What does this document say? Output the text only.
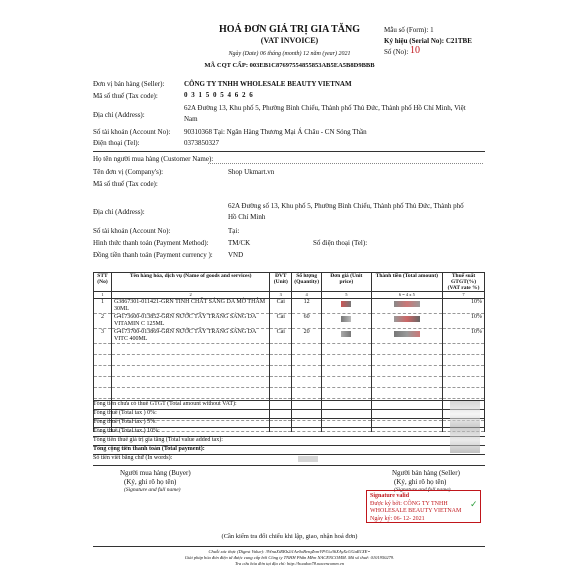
HOÁ ĐƠN GIÁ TRỊ GIA TĂNG
(VAT INVOICE)
Ngày (Date) 06 tháng (month) 12 năm (year) 2021
MÃ CQT CẤP: 003EB1C87697554855853AB5EA5B8D9BBB
Mẫu số (Form): 1
Ký hiệu (Serial No): C21TBE
Số (No): 10
Đơn vị bán hàng (Seller):	CÔNG TY TNHH WHOLESALE BEAUTY VIETNAM
Mã số thuế (Tax code):	0 3 1 5 0 5 4 6 2 6
Địa chỉ (Address):
62A Đường 13, Khu phố 5, Phường Bình Chiểu, Thành phố Thủ Đức, Thành phố Hồ Chí Minh, Việt
Nam
Số tài khoản (Account No): 90310368 Tại: Ngân Hàng Thương Mại Á Châu - CN Sóng Thần
Điện thoại (Tel):	0373850327
Họ tên người mua hàng (Customer Name):
Tên đơn vị (Company's):	Shop Ukmart.vn
Mã số thuế (Tax code):
Địa chỉ (Address):
62A Đường số 13, Khu phố 5, Phường Bình Chiểu, Thành phố Thủ Đức, Thành phố
Hồ Chí Minh
Số tài khoản (Account No):	Tại:
Hình thức thanh toán (Payment Method):	TM/CK	Số điện thoại (Tel):
Đồng tiền thanh toán (Payment currency ): VND
STT (No)	Tên hàng hóa, dịch vụ (Name of goods and services)	ĐVT (Unit)	Số lượng (Quantity)	Đơn giá (Unit price)	Thành tiền (Total amount)	Thuế suất GTGT(%) (VAT rate %)
1	2	3	4	5	6 = 4 x 5	7
1	G3867301-011421-GRN TINH CHẤT SÁNG DA MỜ THÂM 30ML	Cái	12			10%
2	G4173600-013852-GRN NƯỚC TẨY TRANG SÁNG DA VITAMIN C 125ML	Cái	60			10%
3	G4173700-013869-GRN NƯỚC TẨY TRANG SÁNG DA VITC 400ML	Cái	20			10%

Tổng tiền chưa có thuế GTGT (Total amount without VAT):
Tổng thuế (Total tax ) 0%:
Tổng thuế (Total tax ) 5%:
Tổng thuế (Total tax ) 10%:
Tổng tiền thuế giá trị gia tăng (Total value added tax):
Tổng cộng tiền thanh toán (Total payment):
Số tiền viết bằng chữ (In words):
Người mua hàng (Buyer)
(Ký, ghi rõ họ tên)
(Signature and full name)
Người bán hàng (Seller)
(Ký, ghi rõ họ tên)
(Signature and full name)
Signature valid
Được ký bởi: CÔNG TY TNHH
WHOLESALE BEAUTY VIETNAM
Ngày ký: 06- 12- 2021
✓
(Cần kiểm tra đối chiếu khi lập, giao, nhận hoá đơn)
Chuỗi xác thực (Digest Value): 3WnaXiRKb2i1Ae0oBvrqZvmVP/Uu36XAyXcUGaR1XE=
Giải pháp hóa đơn điện tử được cung cấp bởi Công ty TNHH Phần Mềm NACENCOMM. Mã số thuế: 0101950279.
Tra cứu hóa đơn tại địa chỉ: http://hoadon78.nacencomm.vn
